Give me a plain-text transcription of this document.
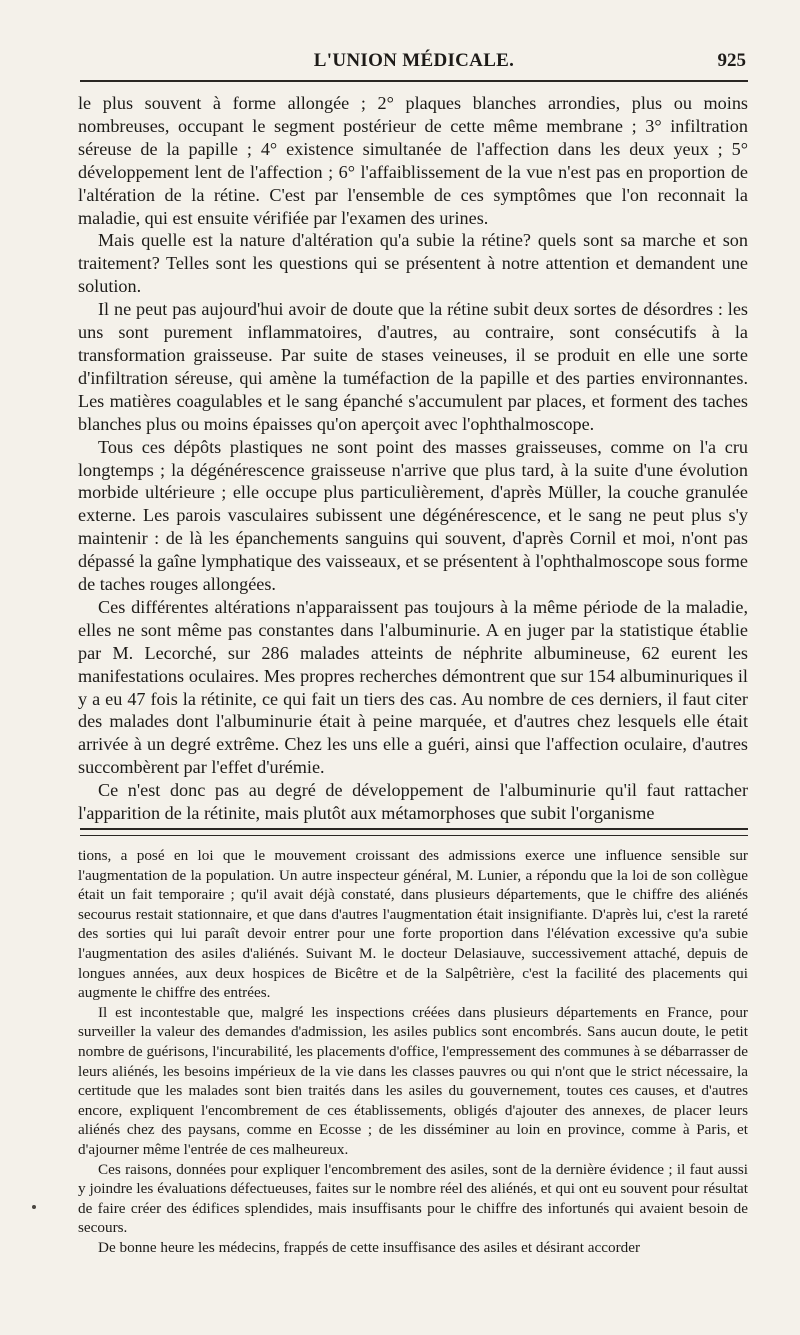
L'UNION MÉDICALE.	925

le plus souvent à forme allongée ; 2° plaques blanches arrondies, plus ou moins nombreuses, occupant le segment postérieur de cette même membrane ; 3° infiltration séreuse de la papille ; 4° existence simultanée de l'affection dans les deux yeux ; 5° développement lent de l'affection ; 6° l'affaiblissement de la vue n'est pas en proportion de l'altération de la rétine. C'est par l'ensemble de ces symptômes que l'on reconnait la maladie, qui est ensuite vérifiée par l'examen des urines.

Mais quelle est la nature d'altération qu'a subie la rétine? quels sont sa marche et son traitement? Telles sont les questions qui se présentent à notre attention et demandent une solution.

Il ne peut pas aujourd'hui avoir de doute que la rétine subit deux sortes de désordres : les uns sont purement inflammatoires, d'autres, au contraire, sont consécutifs à la transformation graisseuse. Par suite de stases veineuses, il se produit en elle une sorte d'infiltration séreuse, qui amène la tuméfaction de la papille et des parties environnantes. Les matières coagulables et le sang épanché s'accumulent par places, et forment des taches blanches plus ou moins épaisses qu'on aperçoit avec l'ophthalmoscope.

Tous ces dépôts plastiques ne sont point des masses graisseuses, comme on l'a cru longtemps ; la dégénérescence graisseuse n'arrive que plus tard, à la suite d'une évolution morbide ultérieure ; elle occupe plus particulièrement, d'après Müller, la couche granulée externe. Les parois vasculaires subissent une dégénérescence, et le sang ne peut plus s'y maintenir : de là les épanchements sanguins qui souvent, d'après Cornil et moi, n'ont pas dépassé la gaîne lymphatique des vaisseaux, et se présentent à l'ophthalmoscope sous forme de taches rouges allongées.

Ces différentes altérations n'apparaissent pas toujours à la même période de la maladie, elles ne sont même pas constantes dans l'albuminurie. A en juger par la statistique établie par M. Lecorché, sur 286 malades atteints de néphrite albumineuse, 62 eurent les manifestations oculaires. Mes propres recherches démontrent que sur 154 albuminuriques il y a eu 47 fois la rétinite, ce qui fait un tiers des cas. Au nombre de ces derniers, il faut citer des malades dont l'albuminurie était à peine marquée, et d'autres chez lesquels elle était arrivée à un degré extrême. Chez les uns elle a guéri, ainsi que l'affection oculaire, d'autres succombèrent par l'effet d'urémie.

Ce n'est donc pas au degré de développement de l'albuminurie qu'il faut rattacher l'apparition de la rétinite, mais plutôt aux métamorphoses que subit l'organisme

tions, a posé en loi que le mouvement croissant des admissions exerce une influence sensible sur l'augmentation de la population. Un autre inspecteur général, M. Lunier, a répondu que la loi de son collègue était un fait temporaire ; qu'il avait déjà constaté, dans plusieurs départements, que le chiffre des aliénés secourus restait stationnaire, et que dans d'autres l'augmentation était insignifiante. D'après lui, c'est la rareté des sorties qui lui paraît devoir entrer pour une forte proportion dans l'élévation excessive qu'a subie l'augmentation des asiles d'aliénés. Suivant M. le docteur Delasiauve, successivement attaché, depuis de longues années, aux deux hospices de Bicêtre et de la Salpêtrière, c'est la facilité des placements qui augmente le chiffre des entrées.

Il est incontestable que, malgré les inspections créées dans plusieurs départements en France, pour surveiller la valeur des demandes d'admission, les asiles publics sont encombrés. Sans aucun doute, le petit nombre de guérisons, l'incurabilité, les placements d'office, l'empressement des communes à se débarrasser de leurs aliénés, les besoins impérieux de la vie dans les classes pauvres ou qui n'ont que le strict nécessaire, la certitude que les malades sont bien traités dans les asiles du gouvernement, toutes ces causes, et d'autres encore, expliquent l'encombrement de ces établissements, obligés d'ajouter des annexes, de placer leurs aliénés chez des paysans, comme en Ecosse ; de les disséminer au loin en province, comme à Paris, et d'ajourner même l'entrée de ces malheureux.

Ces raisons, données pour expliquer l'encombrement des asiles, sont de la dernière évidence ; il faut aussi y joindre les évaluations défectueuses, faites sur le nombre réel des aliénés, et qui ont eu souvent pour résultat de faire créer des édifices splendides, mais insuffisants pour le chiffre des infortunés qui avaient besoin de secours.

De bonne heure les médecins, frappés de cette insuffisance des asiles et désirant accorder
